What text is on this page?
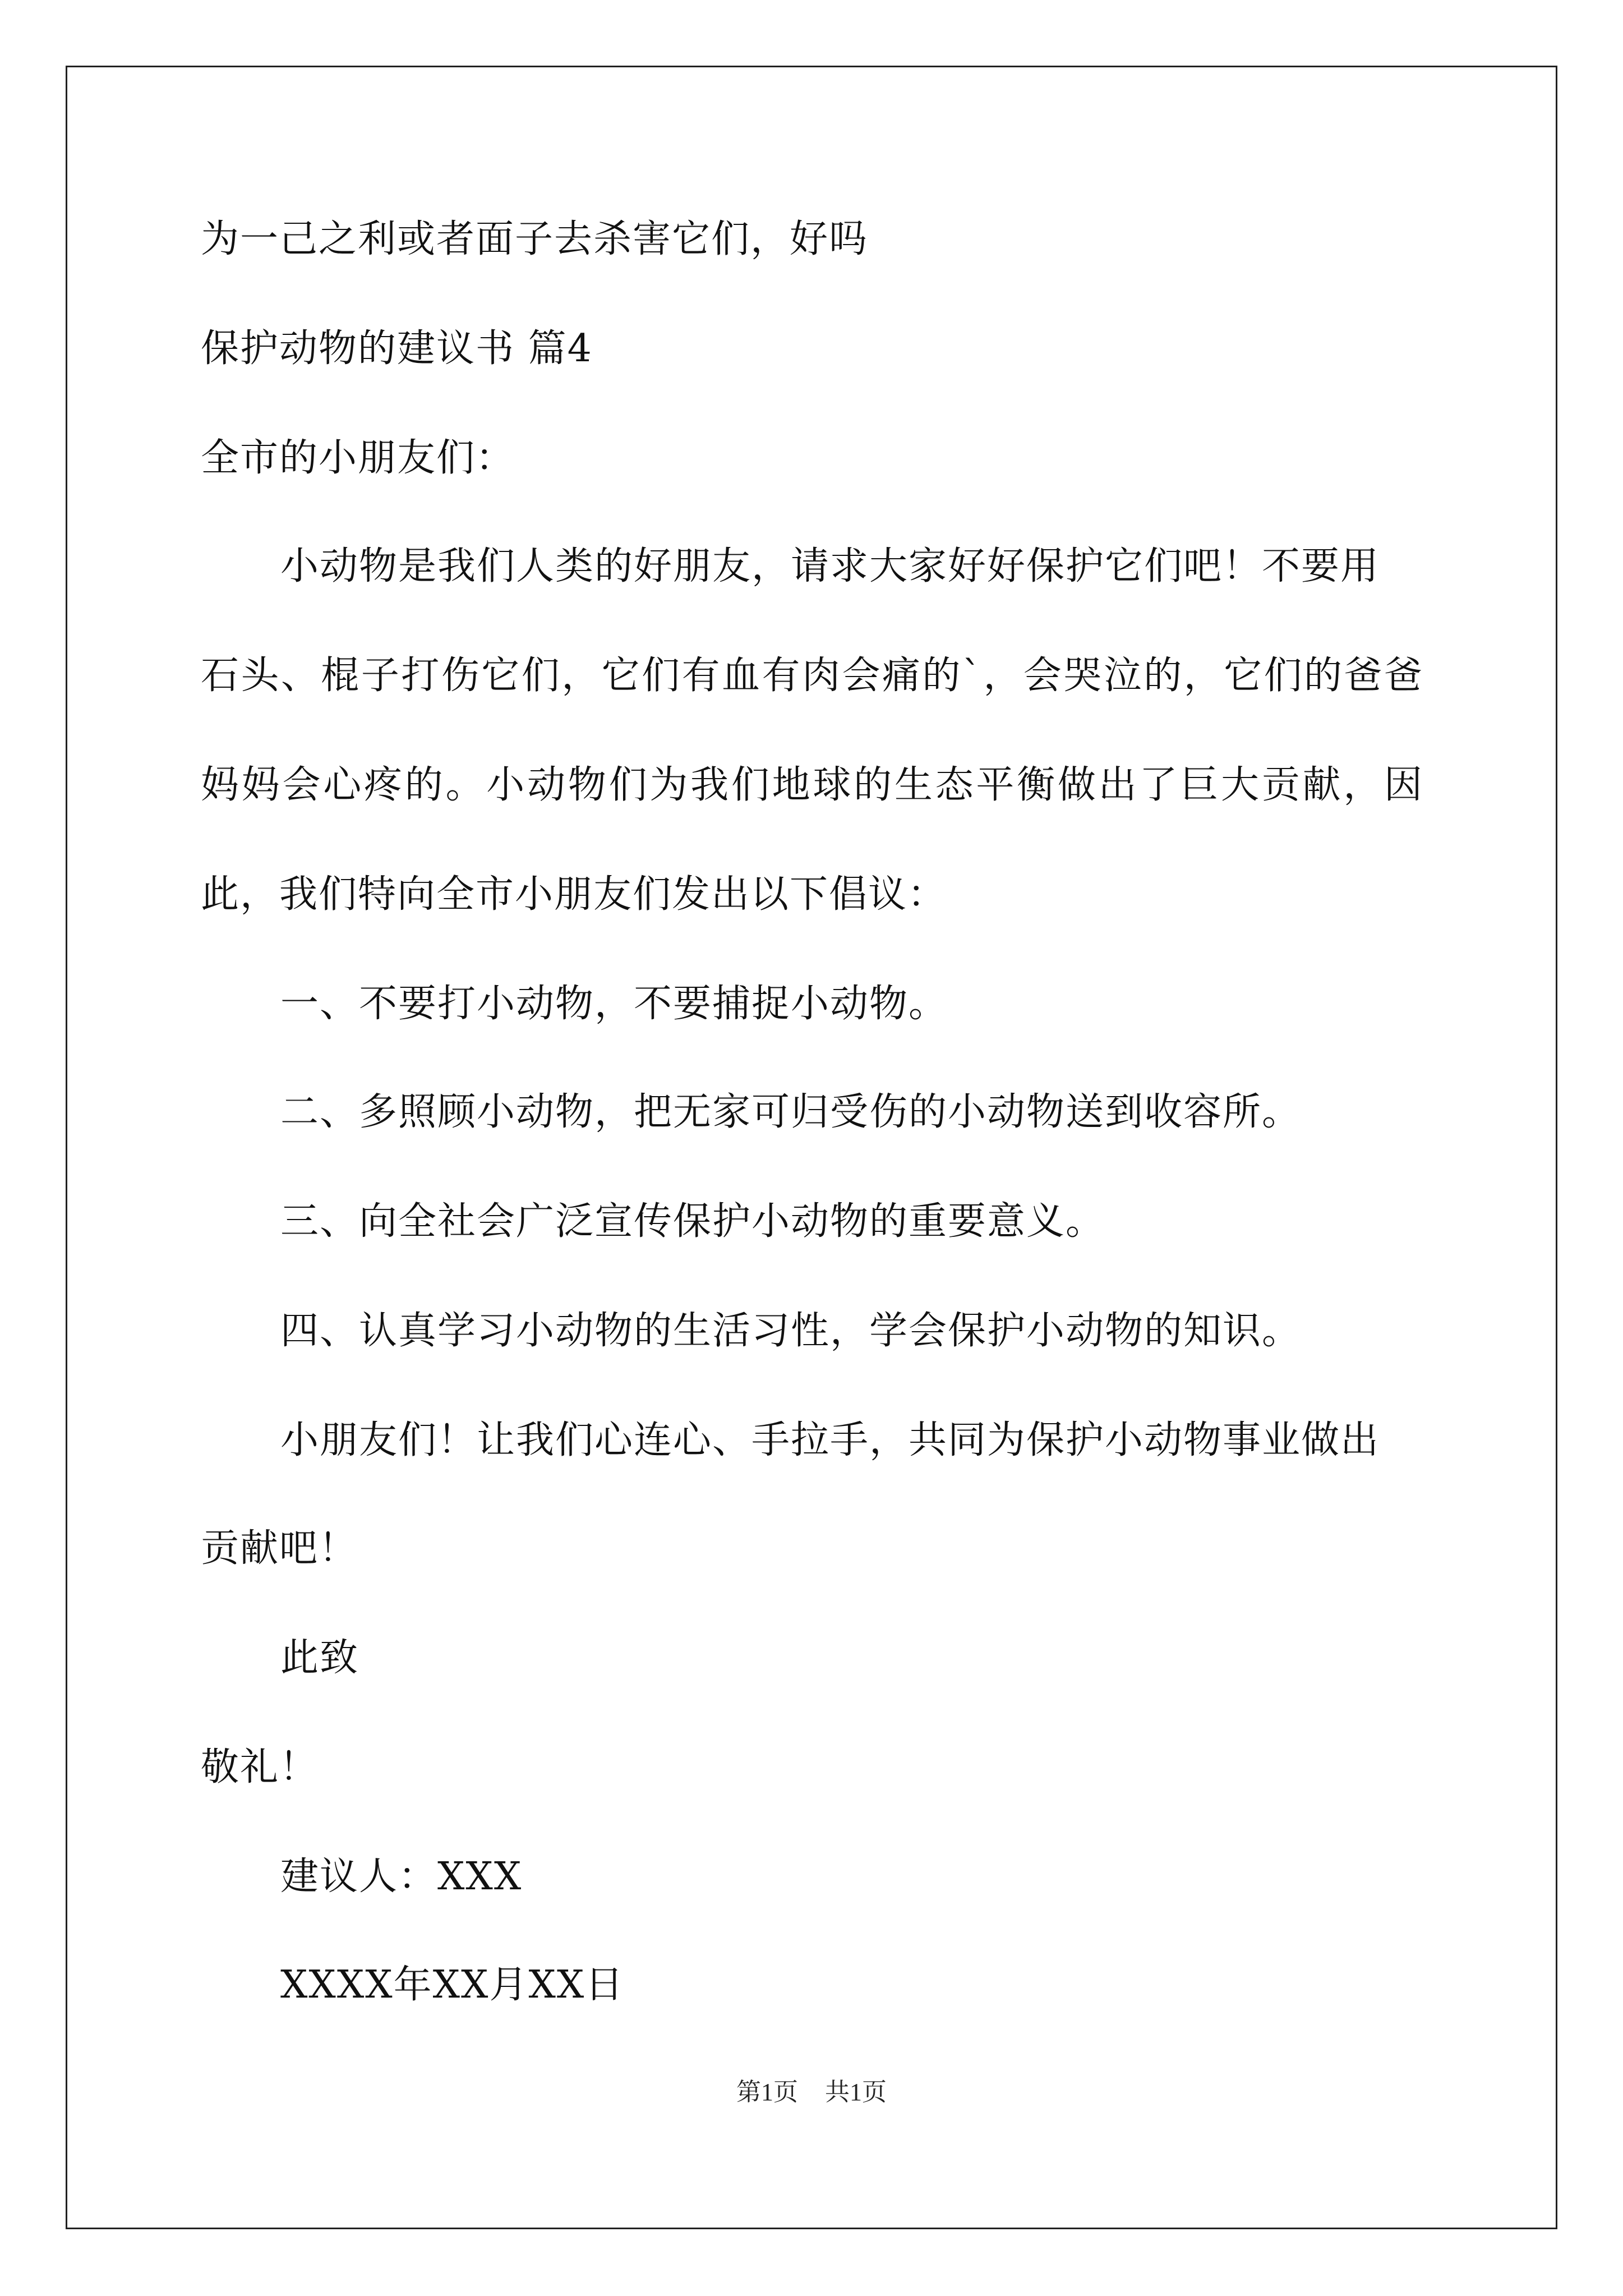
为一己之利或者面子去杀害它们，好吗
保护动物的建议书 篇4
全市的小朋友们：
小动物是我们人类的好朋友，请求大家好好保护它们吧！不要用
石头、棍子打伤它们，它们有血有肉会痛的`，会哭泣的，它们的爸爸
妈妈会心疼的。小动物们为我们地球的生态平衡做出了巨大贡献，因
此，我们特向全市小朋友们发出以下倡议：
一、不要打小动物，不要捕捉小动物。
二、多照顾小动物，把无家可归受伤的小动物送到收容所。
三、向全社会广泛宣传保护小动物的重要意义。
四、认真学习小动物的生活习性，学会保护小动物的知识。
小朋友们！让我们心连心、手拉手，共同为保护小动物事业做出
贡献吧！
此致
敬礼！
建议人：XXX
XXXX年XX月XX日
第1页 共1页
